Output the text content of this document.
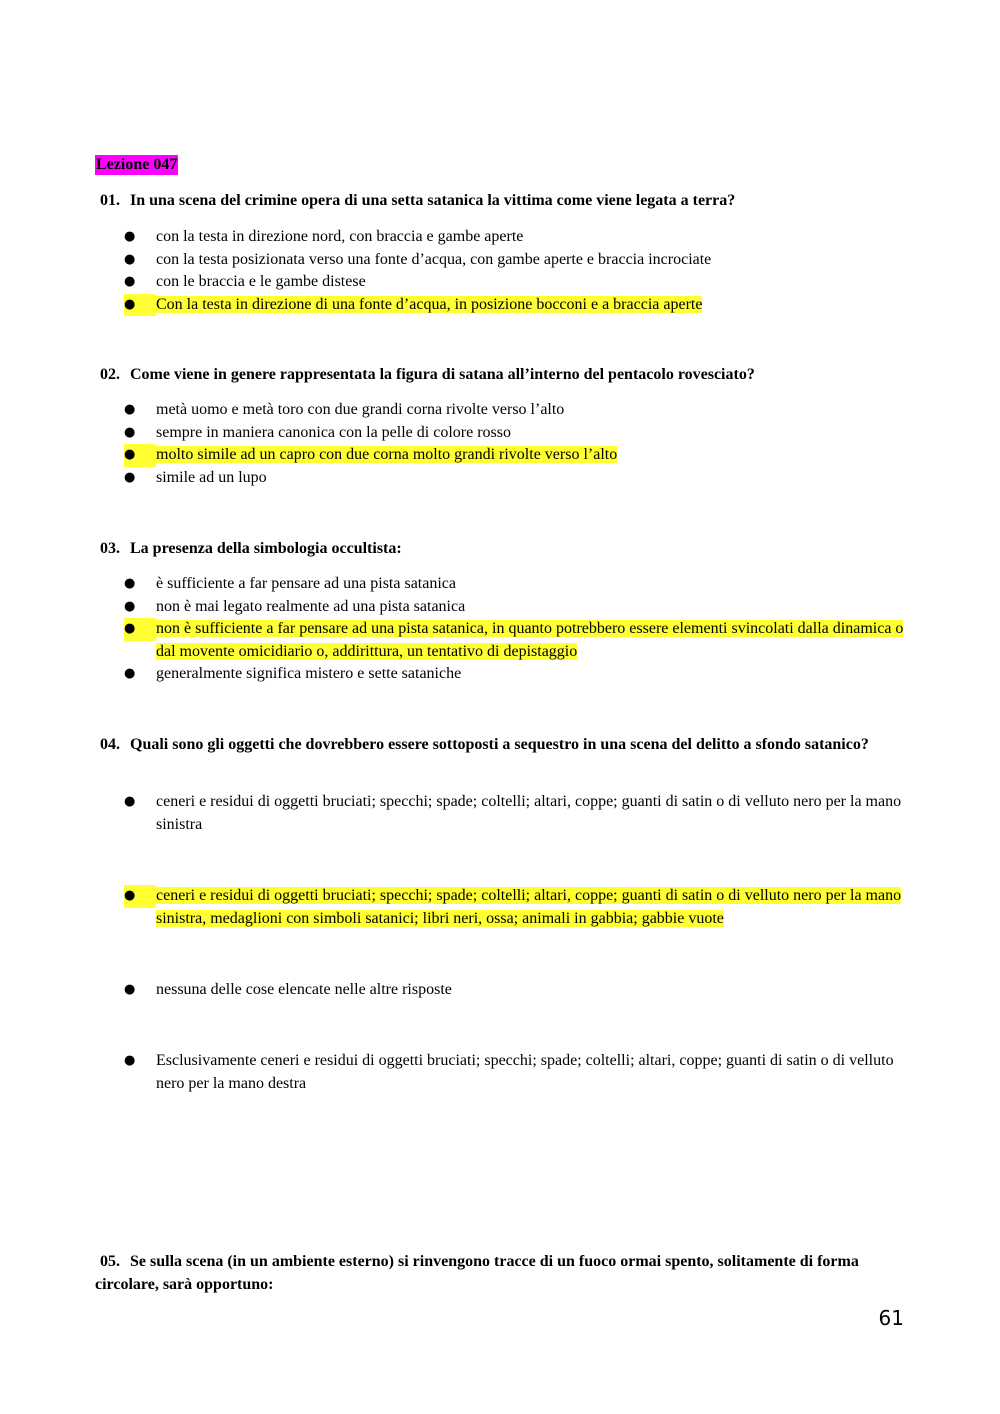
Lezione 047
01. In una scena del crimine opera di una setta satanica la vittima come viene legata a terra?
●	con la testa in direzione nord, con braccia e gambe aperte
●	con la testa posizionata verso una fonte d’acqua, con gambe aperte e braccia incrociate
●	con le braccia e le gambe distese
●	Con la testa in direzione di una fonte d’acqua, in posizione bocconi e a braccia aperte
02. Come viene in genere rappresentata la figura di satana all’interno del pentacolo rovesciato?
●	metà uomo e metà toro con due grandi corna rivolte verso l’alto
●	sempre in maniera canonica con la pelle di colore rosso
●	molto simile ad un capro con due corna molto grandi rivolte verso l’alto
●	simile ad un lupo
03. La presenza della simbologia occultista:
●	è sufficiente a far pensare ad una pista satanica
●	non è mai legato realmente ad una pista satanica
●	non è sufficiente a far pensare ad una pista satanica, in quanto potrebbero essere elementi svincolati dalla dinamica o dal movente omicidiario o, addirittura, un tentativo di depistaggio
●	generalmente significa mistero e sette sataniche
04. Quali sono gli oggetti che dovrebbero essere sottoposti a sequestro in una scena del delitto a sfondo satanico?
●	ceneri e residui di oggetti bruciati; specchi; spade; coltelli; altari, coppe; guanti di satin o di velluto nero per la mano sinistra
●	ceneri e residui di oggetti bruciati; specchi; spade; coltelli; altari, coppe; guanti di satin o di velluto nero per la mano sinistra, medaglioni con simboli satanici; libri neri, ossa; animali in gabbia; gabbie vuote
●	nessuna delle cose elencate nelle altre risposte
●	Esclusivamente ceneri e residui di oggetti bruciati; specchi; spade; coltelli; altari, coppe; guanti di satin o di velluto nero per la mano destra
05. Se sulla scena (in un ambiente esterno) si rinvengono tracce di un fuoco ormai spento, solitamente di forma circolare, sarà opportuno:
61
